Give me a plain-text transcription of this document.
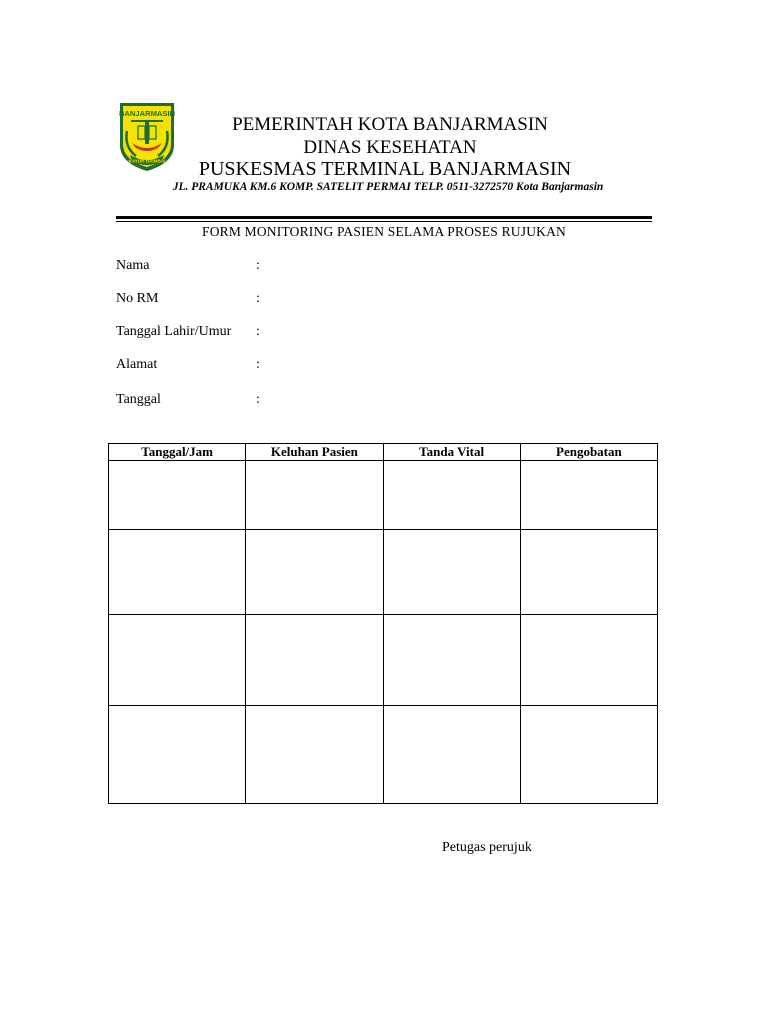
BANJARMASIN
KAYUH BAIMBAI
PEMERINTAH KOTA BANJARMASIN
DINAS KESEHATAN
PUSKESMAS TERMINAL BANJARMASIN
JL. PRAMUKA KM.6 KOMP. SATELIT PERMAI TELP. 0511-3272570 Kota Banjarmasin
FORM MONITORING PASIEN SELAMA PROSES RUJUKAN
Nama	:
No RM	:
Tanggal Lahir/Umur :
Alamat	:
Tanggal	:
Tanggal/Jam	Keluhan Pasien	Tanda Vital	Pengobatan

Petugas perujuk
